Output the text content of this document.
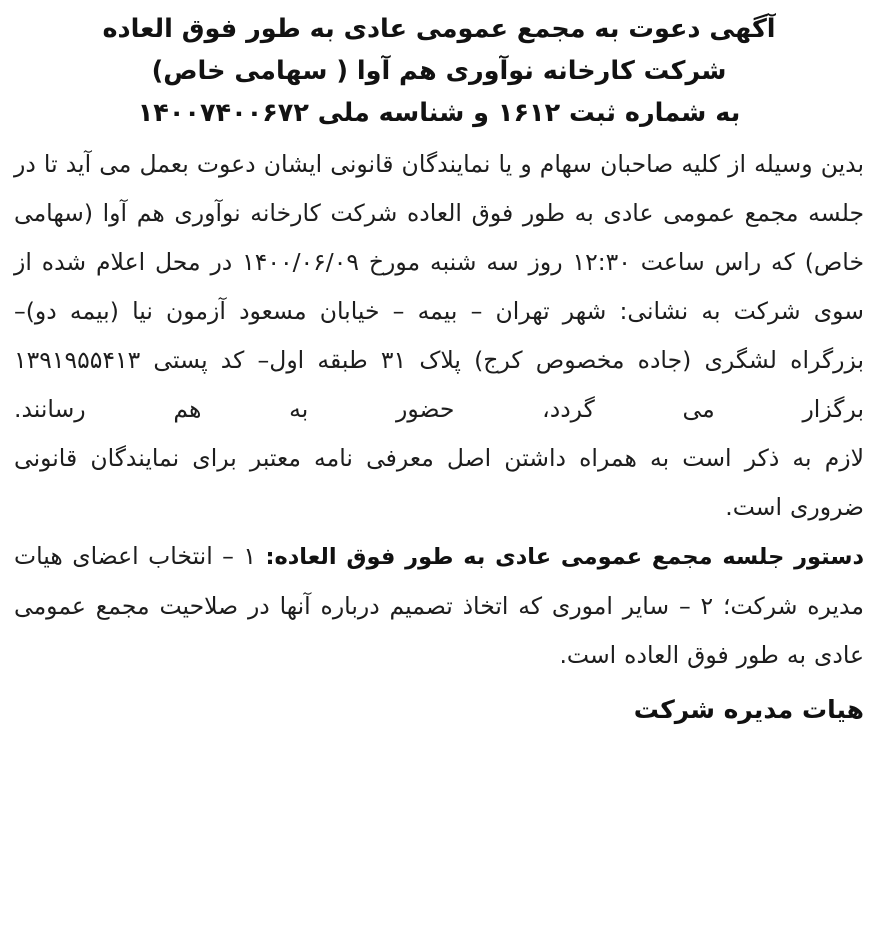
آگهی دعوت به مجمع عمومی عادی به طور فوق العاده
شرکت کارخانه نوآوری هم آوا ( سهامی خاص)
به شماره ثبت ۱۶۱۲ و شناسه ملی ۱۴۰۰۷۴۰۰۶۷۲

بدین وسیله از کلیه صاحبان سهام و یا نمایندگان قانونی ایشان دعوت بعمل می آید تا در جلسه مجمع عمومی عادی به طور فوق العاده شرکت کارخانه نوآوری هم آوا (سهامی خاص) که راس ساعت ۱۲:۳۰ روز سه شنبه مورخ ۱۴۰۰/۰۶/۰۹ در محل اعلام شده از سوی شرکت به نشانی: شهر تهران – بیمه – خیابان مسعود آزمون نیا (بیمه دو)– بزرگراه لشگری (جاده مخصوص کرج) پلاک ۳۱ طبقه اول– کد پستی ۱۳۹۱۹۵۵۴۱۳ برگزار می گردد، حضور به هم رسانند.

لازم به ذکر است به همراه داشتن اصل معرفی نامه معتبر برای نمایندگان قانونی ضروری است.

دستور جلسه مجمع عمومی عادی به طور فوق العاده: ۱ – انتخاب اعضای هیات مدیره شرکت؛ ۲ – سایر اموری که اتخاذ تصمیم درباره آنها در صلاحیت مجمع عمومی عادی به طور فوق العاده است.

هیات مدیره شرکت
